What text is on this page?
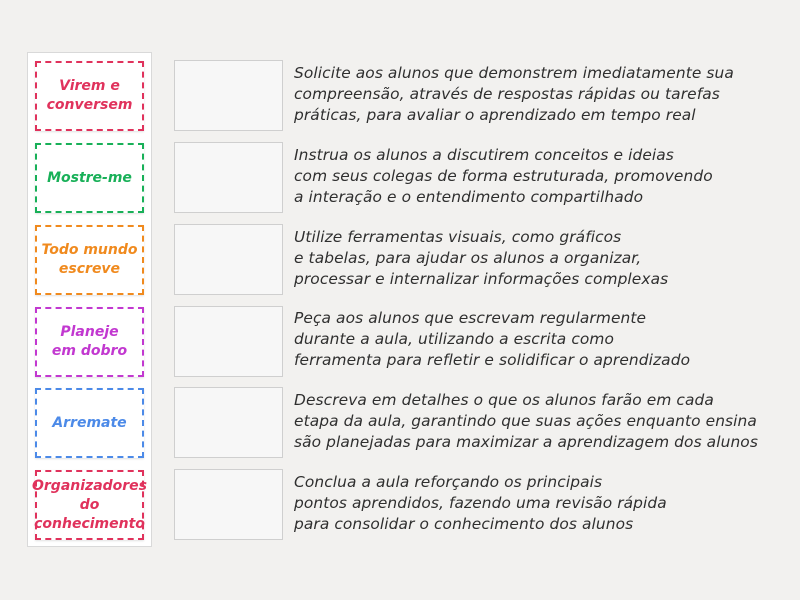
Virem e
conversem
Mostre-me
Todo mundo
escreve
Planeje
em dobro
Arremate
Organizadores
do
conhecimento
Solicite aos alunos que demonstrem imediatamente sua
compreensão, através de respostas rápidas ou tarefas
práticas, para avaliar o aprendizado em tempo real
Instrua os alunos a discutirem conceitos e ideias
com seus colegas de forma estruturada, promovendo
a interação e o entendimento compartilhado
Utilize ferramentas visuais, como gráficos
e tabelas, para ajudar os alunos a organizar,
processar e internalizar informações complexas
Peça aos alunos que escrevam regularmente
durante a aula, utilizando a escrita como
ferramenta para refletir e solidificar o aprendizado
Descreva em detalhes o que os alunos farão em cada
etapa da aula, garantindo que suas ações enquanto ensina
são planejadas para maximizar a aprendizagem dos alunos
Conclua a aula reforçando os principais
pontos aprendidos, fazendo uma revisão rápida
para consolidar o conhecimento dos alunos
